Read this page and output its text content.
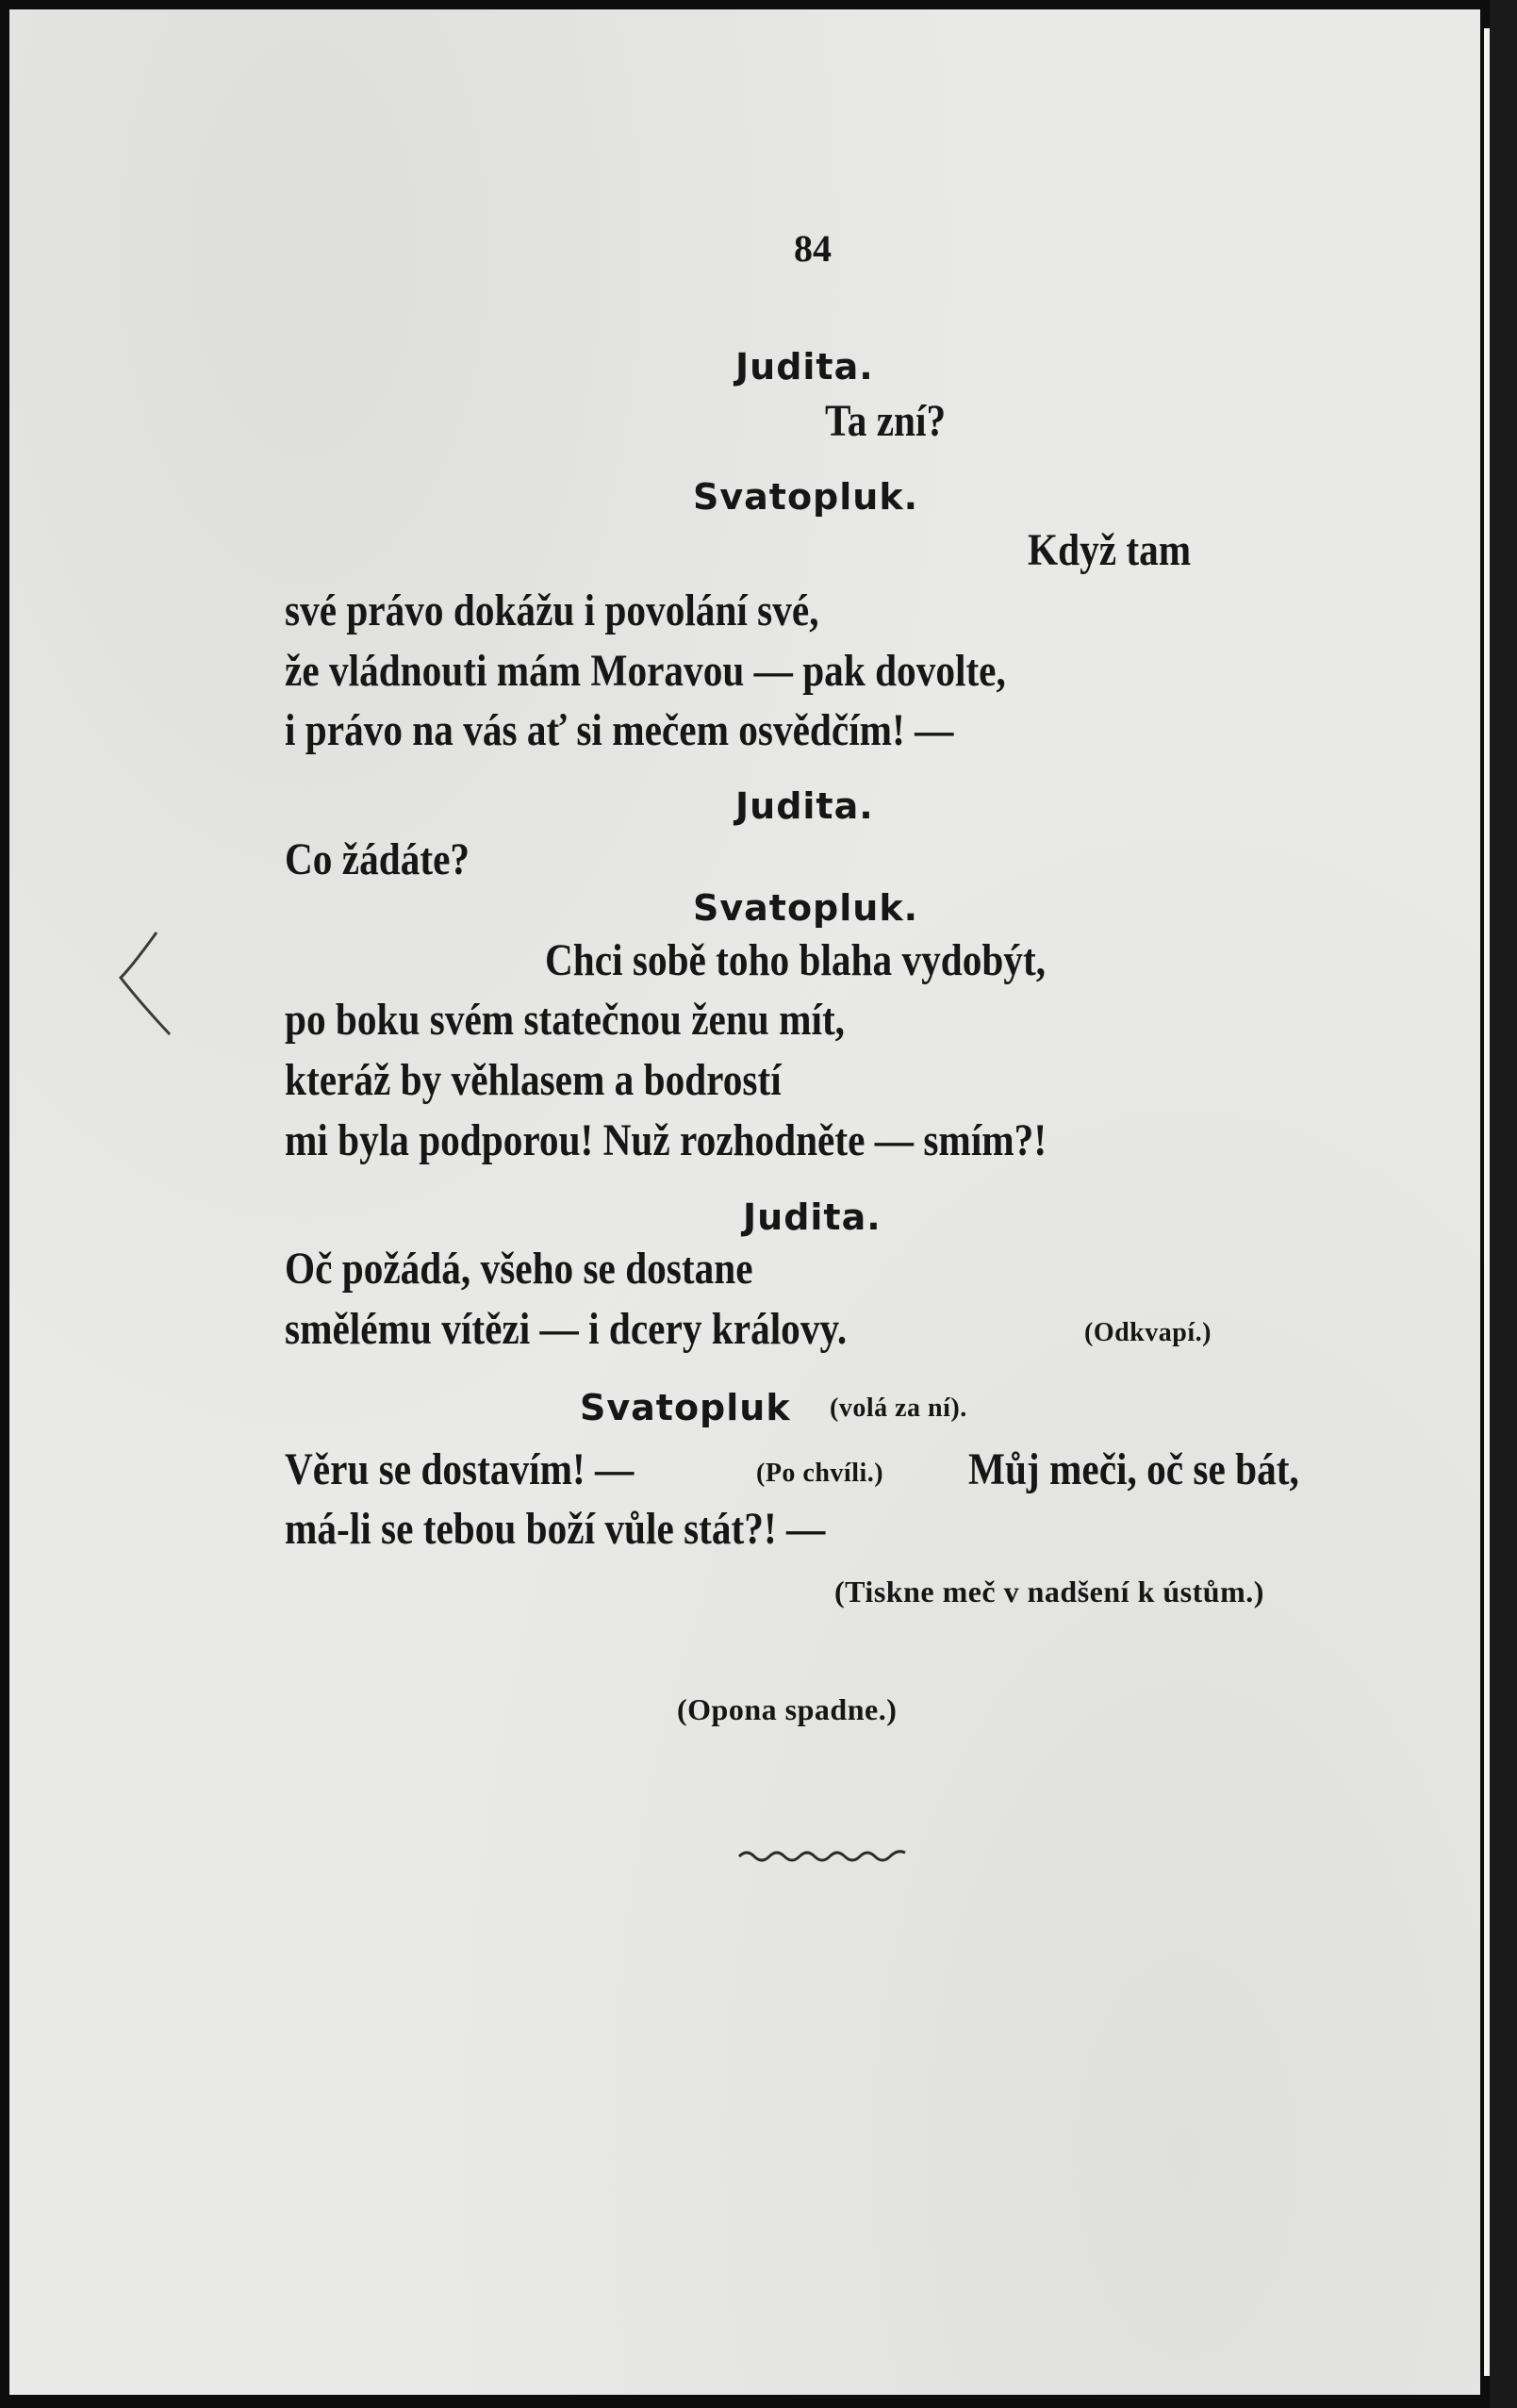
84
Judita.
Ta zní?
Svatopluk.
Když tam
své právo dokážu i povolání své,
že vládnouti mám Moravou — pak dovolte,
i právo na vás ať si mečem osvědčím! —
Judita.
Co žádáte?
Svatopluk.
Chci sobě toho blaha vydobýt,
po boku svém statečnou ženu mít,
kteráž by věhlasem a bodrostí
mi byla podporou! Nuž rozhodněte — smím?!
Judita.
Oč požádá, všeho se dostane
smělému vítězi — i dcery královy.	(Odkvapí.)
Svatopluk (volá za ní).
Věru se dostavím! —	(Po chvíli.) Můj meči, oč se bát,
má-li se tebou boží vůle stát?! —
(Tiskne meč v nadšení k ústům.)
(Opona spadne.)
